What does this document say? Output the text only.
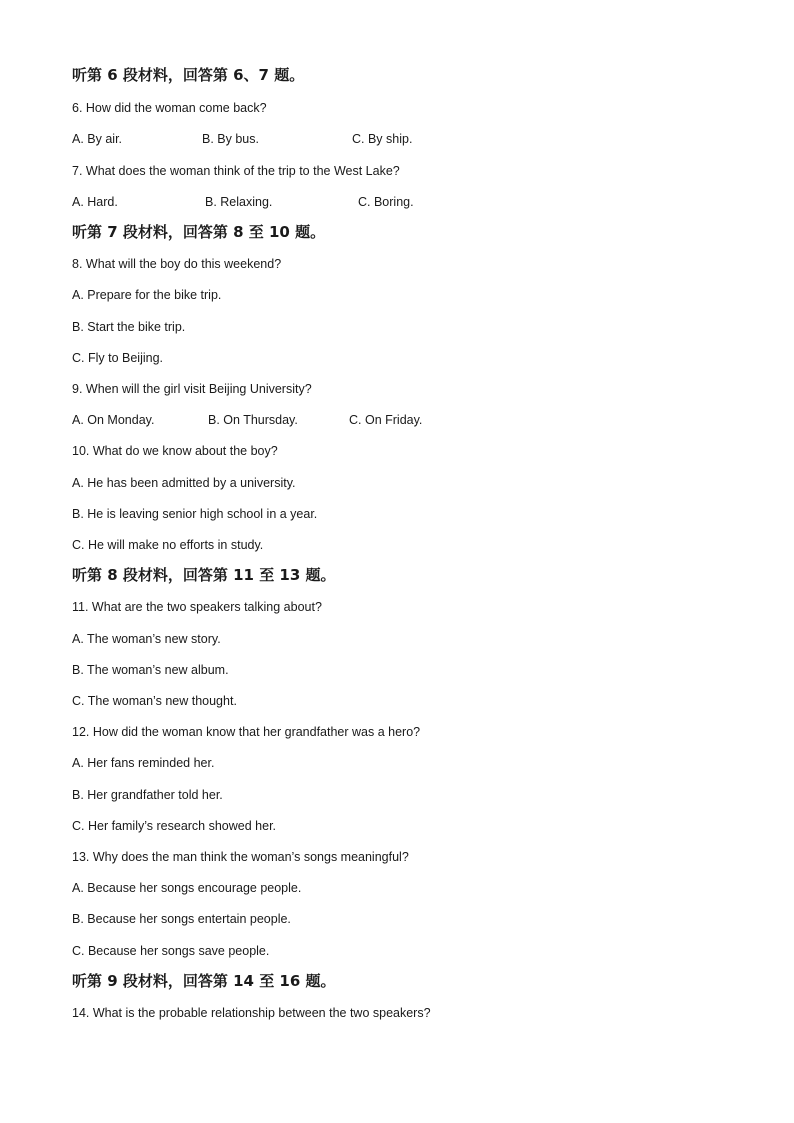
听第 6 段材料，回答第 6、7 题。
6. How did the woman come back?
A. By air.	B. By bus.	C. By ship.
7. What does the woman think of the trip to the West Lake?
A. Hard.	B. Relaxing.	C. Boring.
听第 7 段材料，回答第 8 至 10 题。
8. What will the boy do this weekend?
A. Prepare for the bike trip.
B. Start the bike trip.
C. Fly to Beijing.
9. When will the girl visit Beijing University?
A. On Monday.	B. On Thursday.	C. On Friday.
10. What do we know about the boy?
A. He has been admitted by a university.
B. He is leaving senior high school in a year.
C. He will make no efforts in study.
听第 8 段材料，回答第 11 至 13 题。
11. What are the two speakers talking about?
A. The woman’s new story.
B. The woman’s new album.
C. The woman’s new thought.
12. How did the woman know that her grandfather was a hero?
A. Her fans reminded her.
B. Her grandfather told her.
C. Her family’s research showed her.
13. Why does the man think the woman’s songs meaningful?
A. Because her songs encourage people.
B. Because her songs entertain people.
C. Because her songs save people.
听第 9 段材料，回答第 14 至 16 题。
14. What is the probable relationship between the two speakers?
